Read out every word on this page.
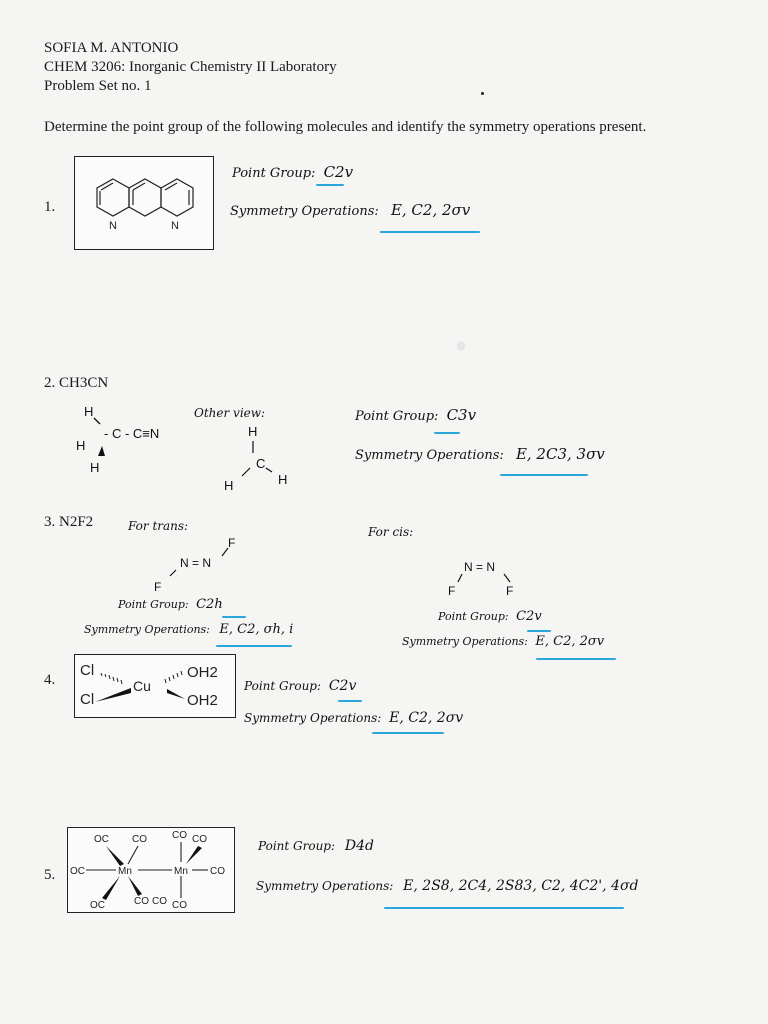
SOFIA M. ANTONIO
CHEM 3206: Inorganic Chemistry II Laboratory
Problem Set no. 1
Determine the point group of the following molecules and identify the symmetry operations present.
1.
N	N
Point Group: C2v
Symmetry Operations: E, C2, 2σv
2. CH3CN
H
- C - C≡N
H
H
Other view:
H
C
H	H
Point Group: C3v
Symmetry Operations: E, 2C3, 3σv
3. N2F2	For trans:
F
N = N
F
Point Group: C2h
Symmetry Operations: E, C2, σh, i
For cis:
N = N
F	F
Point Group: C2v
Symmetry Operations: E, C2, 2σv
4.
Cl
Cl
Cu
OH2
OH2
Point Group: C2v
Symmetry Operations: E, C2, 2σv
5.
OC CO	CO CO
OC	Mn	Mn CO
OC	CO CO CO
Point Group: D4d
Symmetry Operations: E, 2S8, 2C4, 2S83, C2, 4C2', 4σd
